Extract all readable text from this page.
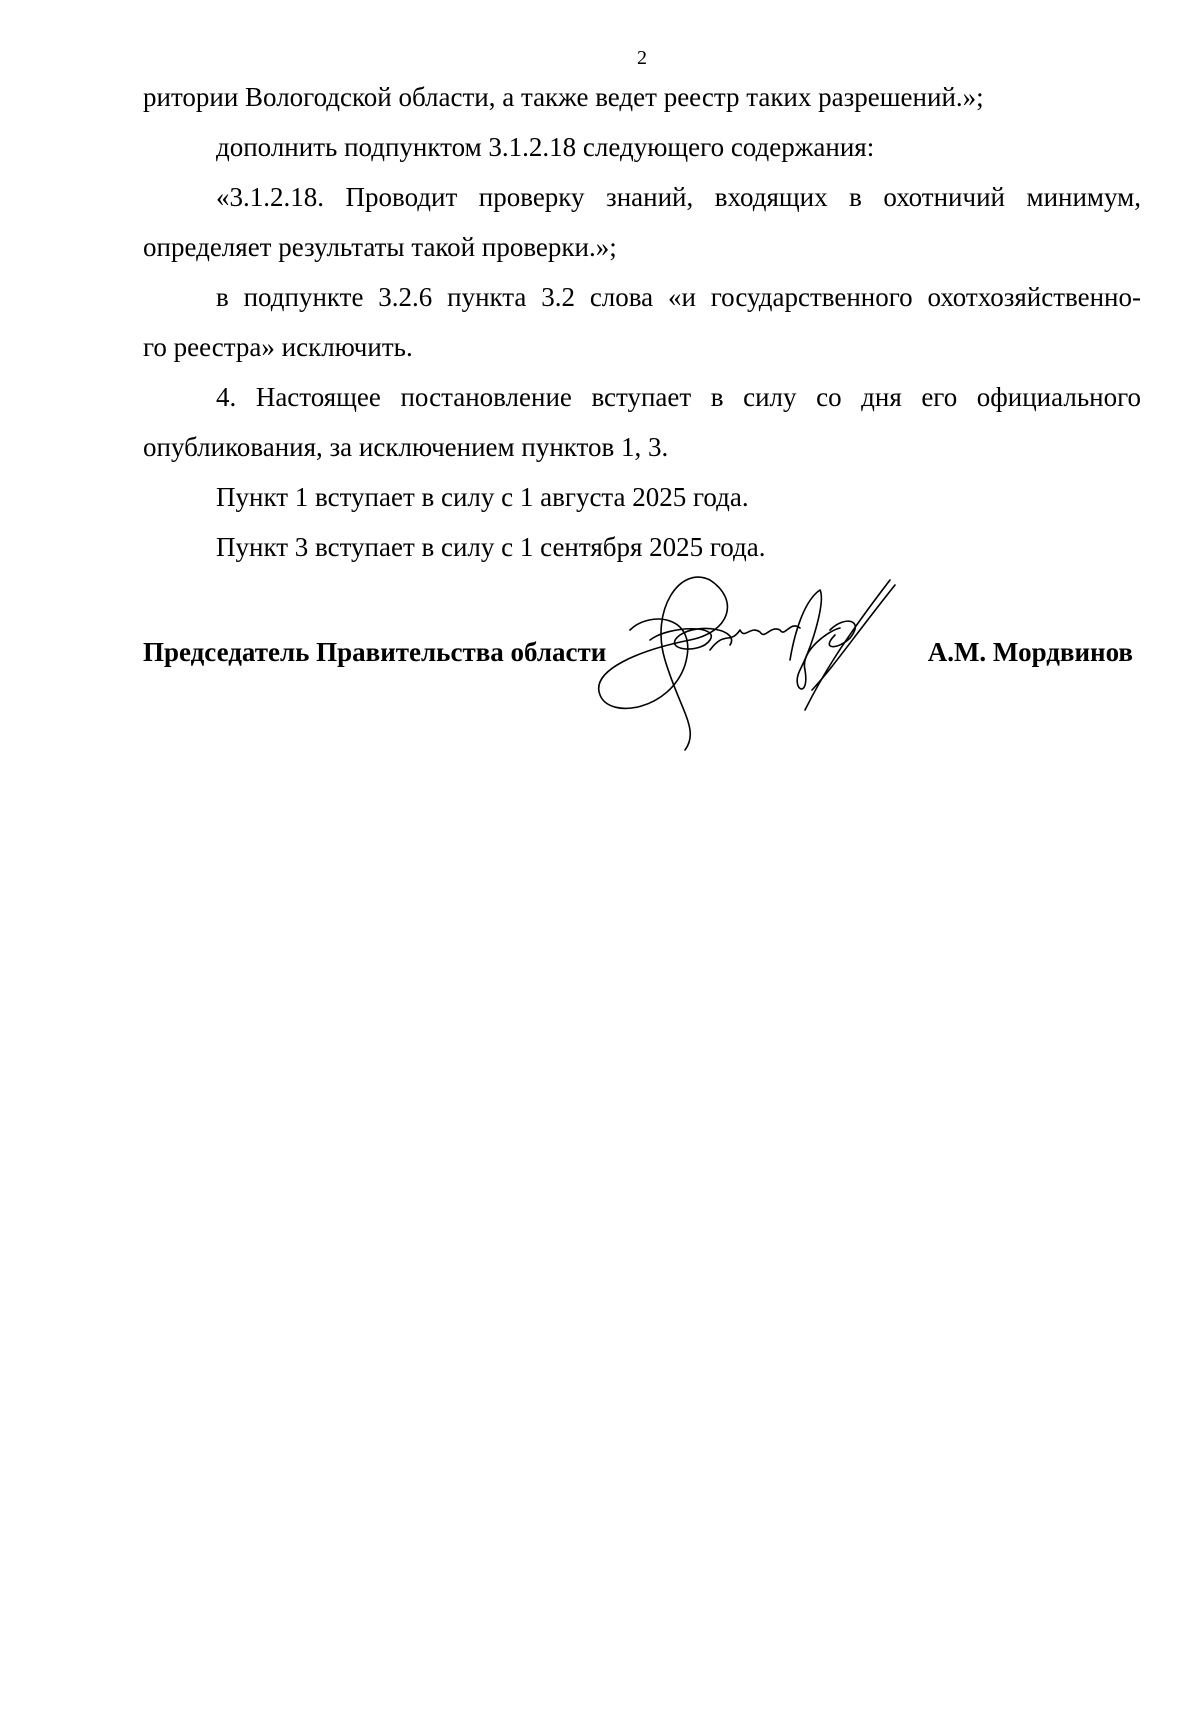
2
ритории Вологодской области, а также ведет реестр таких разрешений.»;
дополнить подпунктом 3.1.2.18 следующего содержания:
«3.1.2.18. Проводит проверку знаний, входящих в охотничий минимум,
определяет результаты такой проверки.»;
в подпункте 3.2.6 пункта 3.2 слова «и государственного охотхозяйственно-
го реестра» исключить.
4. Настоящее постановление вступает в силу со дня его официального
опубликования, за исключением пунктов 1, 3.
Пункт 1 вступает в силу с 1 августа 2025 года.
Пункт 3 вступает в силу с 1 сентября 2025 года.
Председатель Правительства области	А.М. Мордвинов
